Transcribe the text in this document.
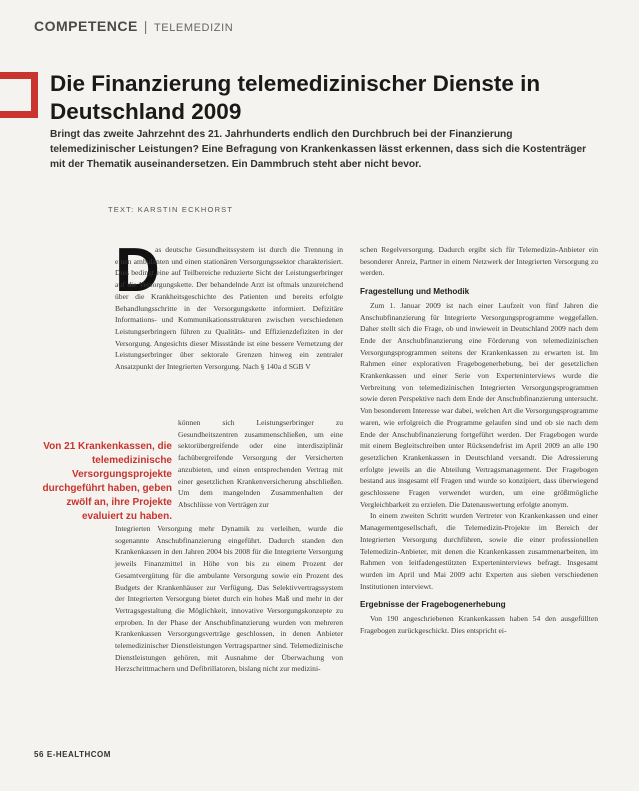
COMPETENCE | TELEMEDIZIN
Die Finanzierung telemedizinischer Dienste in Deutschland 2009
Bringt das zweite Jahrzehnt des 21. Jahrhunderts endlich den Durchbruch bei der Finanzierung telemedizinischer Leistungen? Eine Befragung von Krankenkassen lässt erkennen, dass sich die Kostenträger mit der Thematik auseinandersetzen. Ein Dammbruch steht aber nicht bevor.
TEXT: KARSTIN ECKHORST
D

as deutsche Gesundheitssystem ist durch die Trennung in einen ambulanten und einen stationären Versorgungssektor charakterisiert. Dies bedingt eine auf Teilbereiche reduzierte Sicht der Leistungserbringer auf die Versorgungskette. Der behandelnde Arzt ist oftmals unzureichend über die Krankheitsgeschichte des Patienten und bereits erfolgte Behandlungsschritte in der Versorgungskette informiert. Defizitäre Informations- und Kommunikationsstrukturen zwischen verschiedenen Leistungserbringern führen zu Qualitäts- und Effizienzdefiziten in der Versorgung. Angesichts dieser Missstände ist eine bessere Vernetzung der Leistungserbringer über sektorale Grenzen hinweg ein zentraler Ansatzpunkt der Integrierten Versorgung. Nach § 140a d SGB V

Von 21 Krankenkassen, die telemedizinische Versorgungsprojekte durchgeführt haben, geben zwölf an, ihre Projekte evaluiert zu haben.

können sich Leistungserbringer zu Gesundheitszentren zusammenschließen, um eine sektorübergreifende oder eine interdisziplinär fachübergreifende Versorgung der Versicherten anzubieten, und einen entsprechenden Vertrag mit einer gesetzlichen Krankenversicherung abschließen. Um dem mangelnden Zusammenhalten der Abschlüsse von Verträgen zur

Integrierten Versorgung mehr Dynamik zu verleihen, wurde die sogenannte Anschubfinanzierung eingeführt. Dadurch standen den Krankenkassen in den Jahren 2004 bis 2008 für die Integrierte Versorgung jeweils Finanzmittel in Höhe von bis zu einem Prozent der Gesamtvergütung für die ambulante Versorgung sowie ein Prozent des Budgets der Krankenhäuser zur Verfügung. Das Selektivvertragssystem der Integrierten Versorgung bietet durch ein hohes Maß und mehr in der Vertragsgestaltung die Möglichkeit, innovative Versorgungskonzepte zu erproben. In der Phase der Anschubfinanzierung wurden von mehreren Krankenkassen Versorgungsverträge geschlossen, in denen Anbieter telemedizinischer Dienstleistungen Vertragspartner sind. Telemedizinische Dienstleistungen gehören, mit Ausnahme der Überwachung von Herzschrittmachern und Defibrillatoren, bislang nicht zur medizini-

schen Regelversorgung. Dadurch ergibt sich für Telemedizin-Anbieter ein besonderer Anreiz, Partner in einem Netzwerk der Integrierten Versorgung zu werden.

Fragestellung und Methodik

Zum 1. Januar 2009 ist nach einer Laufzeit von fünf Jahren die Anschubfinanzierung für Integrierte Versorgungsprogramme weggefallen. Daher stellt sich die Frage, ob und inwieweit in Deutschland 2009 nach dem Ende der Anschubfinanzierung eine Förderung von telemedizinischen Versorgungsprogrammen seitens der Krankenkassen zu erwarten ist. Im Rahmen einer explorativen Fragebogenerhebung, bei der gesetzlichen Krankenkassen und einer Serie von Experteninterviews wurde die Verbreitung von telemedizinischen Integrierten Versorgungsprogrammen sowie deren Perspektive nach dem Ende der Anschubfinanzierung untersucht. Von besonderem Interesse war dabei, welchen Art die Versorgungsprogramme waren, wie erfolgreich die Programme gelaufen sind und ob sie nach dem Ende der Anschubfinanzierung fortgeführt werden. Der Fragebogen wurde mit einem Begleitschreiben unter Rücksendefrist im April 2009 an alle 190 gesetzlichen Krankenkassen in Deutschland versandt. Die Adressierung erfolgte jeweils an die Abteilung Vertragsmanagement. Der Fragebogen bestand aus insgesamt elf Fragen und wurde so konzipiert, dass überwiegend geschlossene Fragen verwendet wurden, um eine größtmögliche Vergleichbarkeit zu erzielen. Die Datenauswertung erfolgte anonym.

In einem zweiten Schritt wurden Vertreter von Krankenkassen und einer Managementgesellschaft, die Telemedizin-Projekte im Bereich der Integrierten Versorgung durchführen, sowie die einer professionellen Telemedizin-Anbieter, mit denen die Krankenkassen zusammenarbeiten, im Rahmen von leitfadengestützten Experteninterviews befragt. Insgesamt wurden im April und Mai 2009 acht Experten aus sieben verschiedenen Institutionen interviewt.

Ergebnisse der Fragebogenerhebung

Von 190 angeschriebenen Krankenkassen haben 54 den ausgefüllten Fragebogen zurückgeschickt. Dies entspricht ei-

56 E-HEALTHCOM
